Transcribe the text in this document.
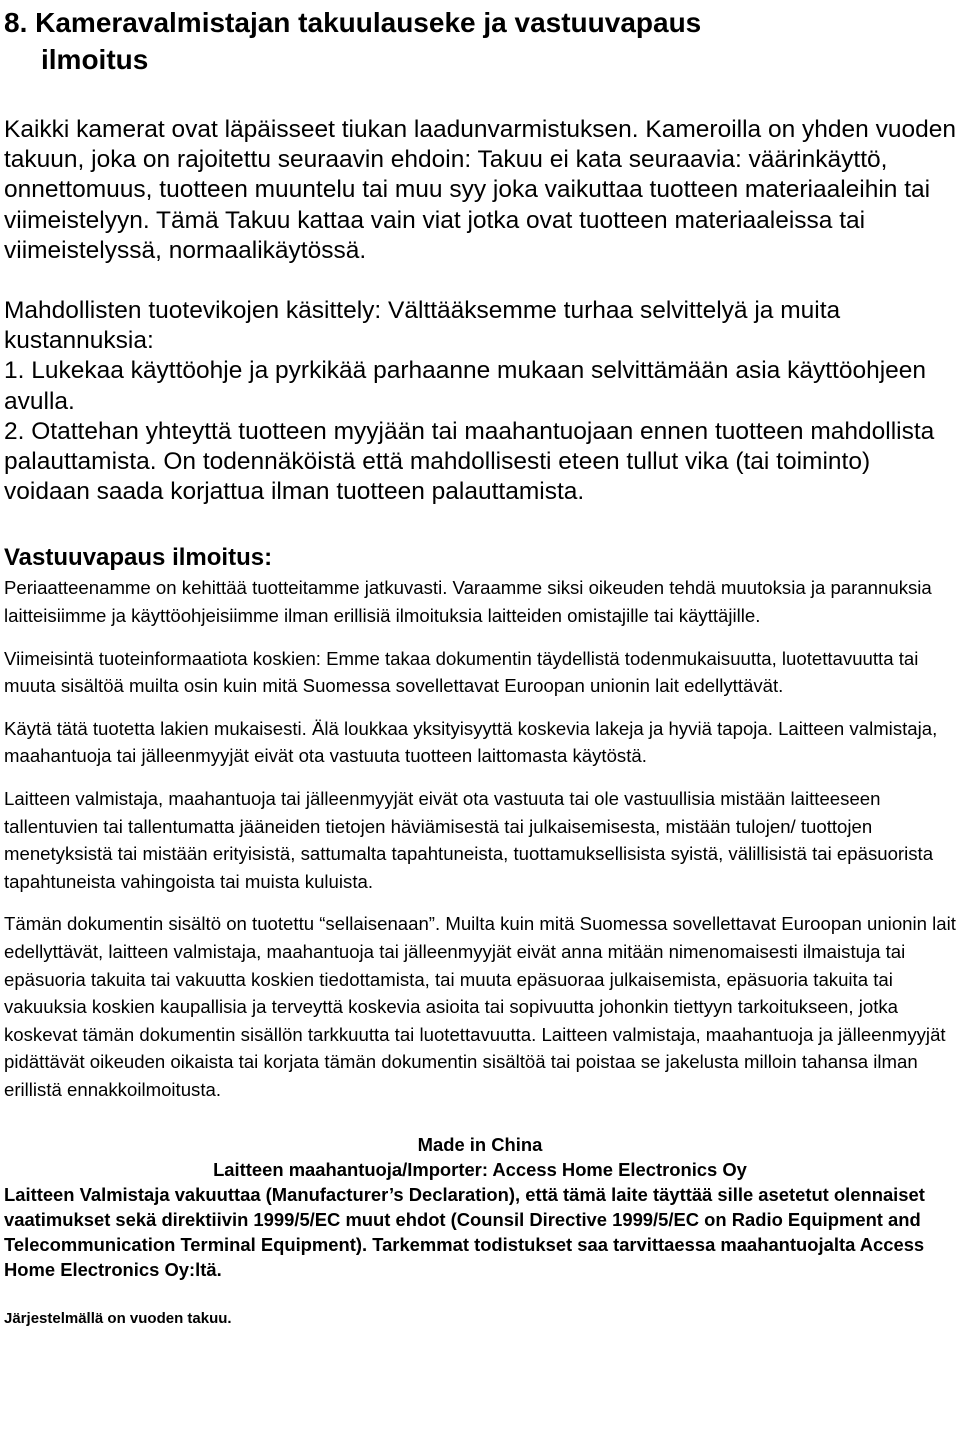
8. Kameravalmistajan takuulauseke ja vastuuvapaus
ilmoitus

Kaikki kamerat ovat läpäisseet tiukan laadunvarmistuksen. Kameroilla on yhden vuoden takuun, joka on rajoitettu seuraavin ehdoin: Takuu ei kata seuraavia: väärinkäyttö, onnettomuus, tuotteen muuntelu tai muu syy joka vaikuttaa tuotteen materiaaleihin tai viimeistelyyn. Tämä Takuu kattaa vain viat jotka ovat tuotteen materiaaleissa tai viimeistelyssä, normaalikäytössä.

Mahdollisten tuotevikojen käsittely: Välttääksemme turhaa selvittelyä ja muita kustannuksia:

1. Lukekaa käyttöohje ja pyrkikää parhaanne mukaan selvittämään asia käyttöohjeen avulla.

2. Otattehan yhteyttä tuotteen myyjään tai maahantuojaan ennen tuotteen mahdollista palauttamista. On todennäköistä että mahdollisesti eteen tullut vika (tai toiminto) voidaan saada korjattua ilman tuotteen palauttamista.

Vastuuvapaus ilmoitus:

Periaatteenamme on kehittää tuotteitamme jatkuvasti. Varaamme siksi oikeuden tehdä muutoksia ja parannuksia laitteisiimme ja käyttöohjeisiimme ilman erillisiä ilmoituksia laitteiden omistajille tai käyttäjille.

Viimeisintä tuoteinformaatiota koskien: Emme takaa dokumentin täydellistä todenmukaisuutta, luotettavuutta tai muuta sisältöä muilta osin kuin mitä Suomessa sovellettavat Euroopan unionin lait edellyttävät.

Käytä tätä tuotetta lakien mukaisesti. Älä loukkaa yksityisyyttä koskevia lakeja ja hyviä tapoja. Laitteen valmistaja, maahantuoja tai jälleenmyyjät eivät ota vastuuta tuotteen laittomasta käytöstä.

Laitteen valmistaja, maahantuoja tai jälleenmyyjät eivät ota vastuuta tai ole vastuullisia mistään laitteeseen tallentuvien tai tallentumatta jääneiden tietojen häviämisestä tai julkaisemisesta, mistään tulojen/ tuottojen menetyksistä tai mistään erityisistä, sattumalta tapahtuneista, tuottamuksellisista syistä, välillisistä tai epäsuorista tapahtuneista vahingoista tai muista kuluista.

Tämän dokumentin sisältö on tuotettu “sellaisenaan”. Muilta kuin mitä Suomessa sovellettavat Euroopan unionin lait edellyttävät, laitteen valmistaja, maahantuoja tai jälleenmyyjät eivät anna mitään nimenomaisesti ilmaistuja tai epäsuoria takuita tai vakuutta koskien tiedottamista, tai muuta epäsuoraa julkaisemista, epäsuoria takuita tai vakuuksia koskien kaupallisia ja terveyttä koskevia asioita tai sopivuutta johonkin tiettyyn tarkoitukseen, jotka koskevat tämän dokumentin sisällön tarkkuutta tai luotettavuutta. Laitteen valmistaja, maahantuoja ja jälleenmyyjät pidättävät oikeuden oikaista tai korjata tämän dokumentin sisältöä tai poistaa se jakelusta milloin tahansa ilman erillistä ennakkoilmoitusta.

Made in China

Laitteen maahantuoja/Importer: Access Home Electronics Oy

Laitteen Valmistaja vakuuttaa (Manufacturer’s Declaration), että tämä laite täyttää sille asetetut olennaiset vaatimukset sekä direktiivin 1999/5/EC muut ehdot (Counsil Directive 1999/5/EC on Radio Equipment and Telecommunication Terminal Equipment). Tarkemmat todistukset saa tarvittaessa maahantuojalta Access Home Electronics Oy:ltä.

Järjestelmällä on vuoden takuu.
